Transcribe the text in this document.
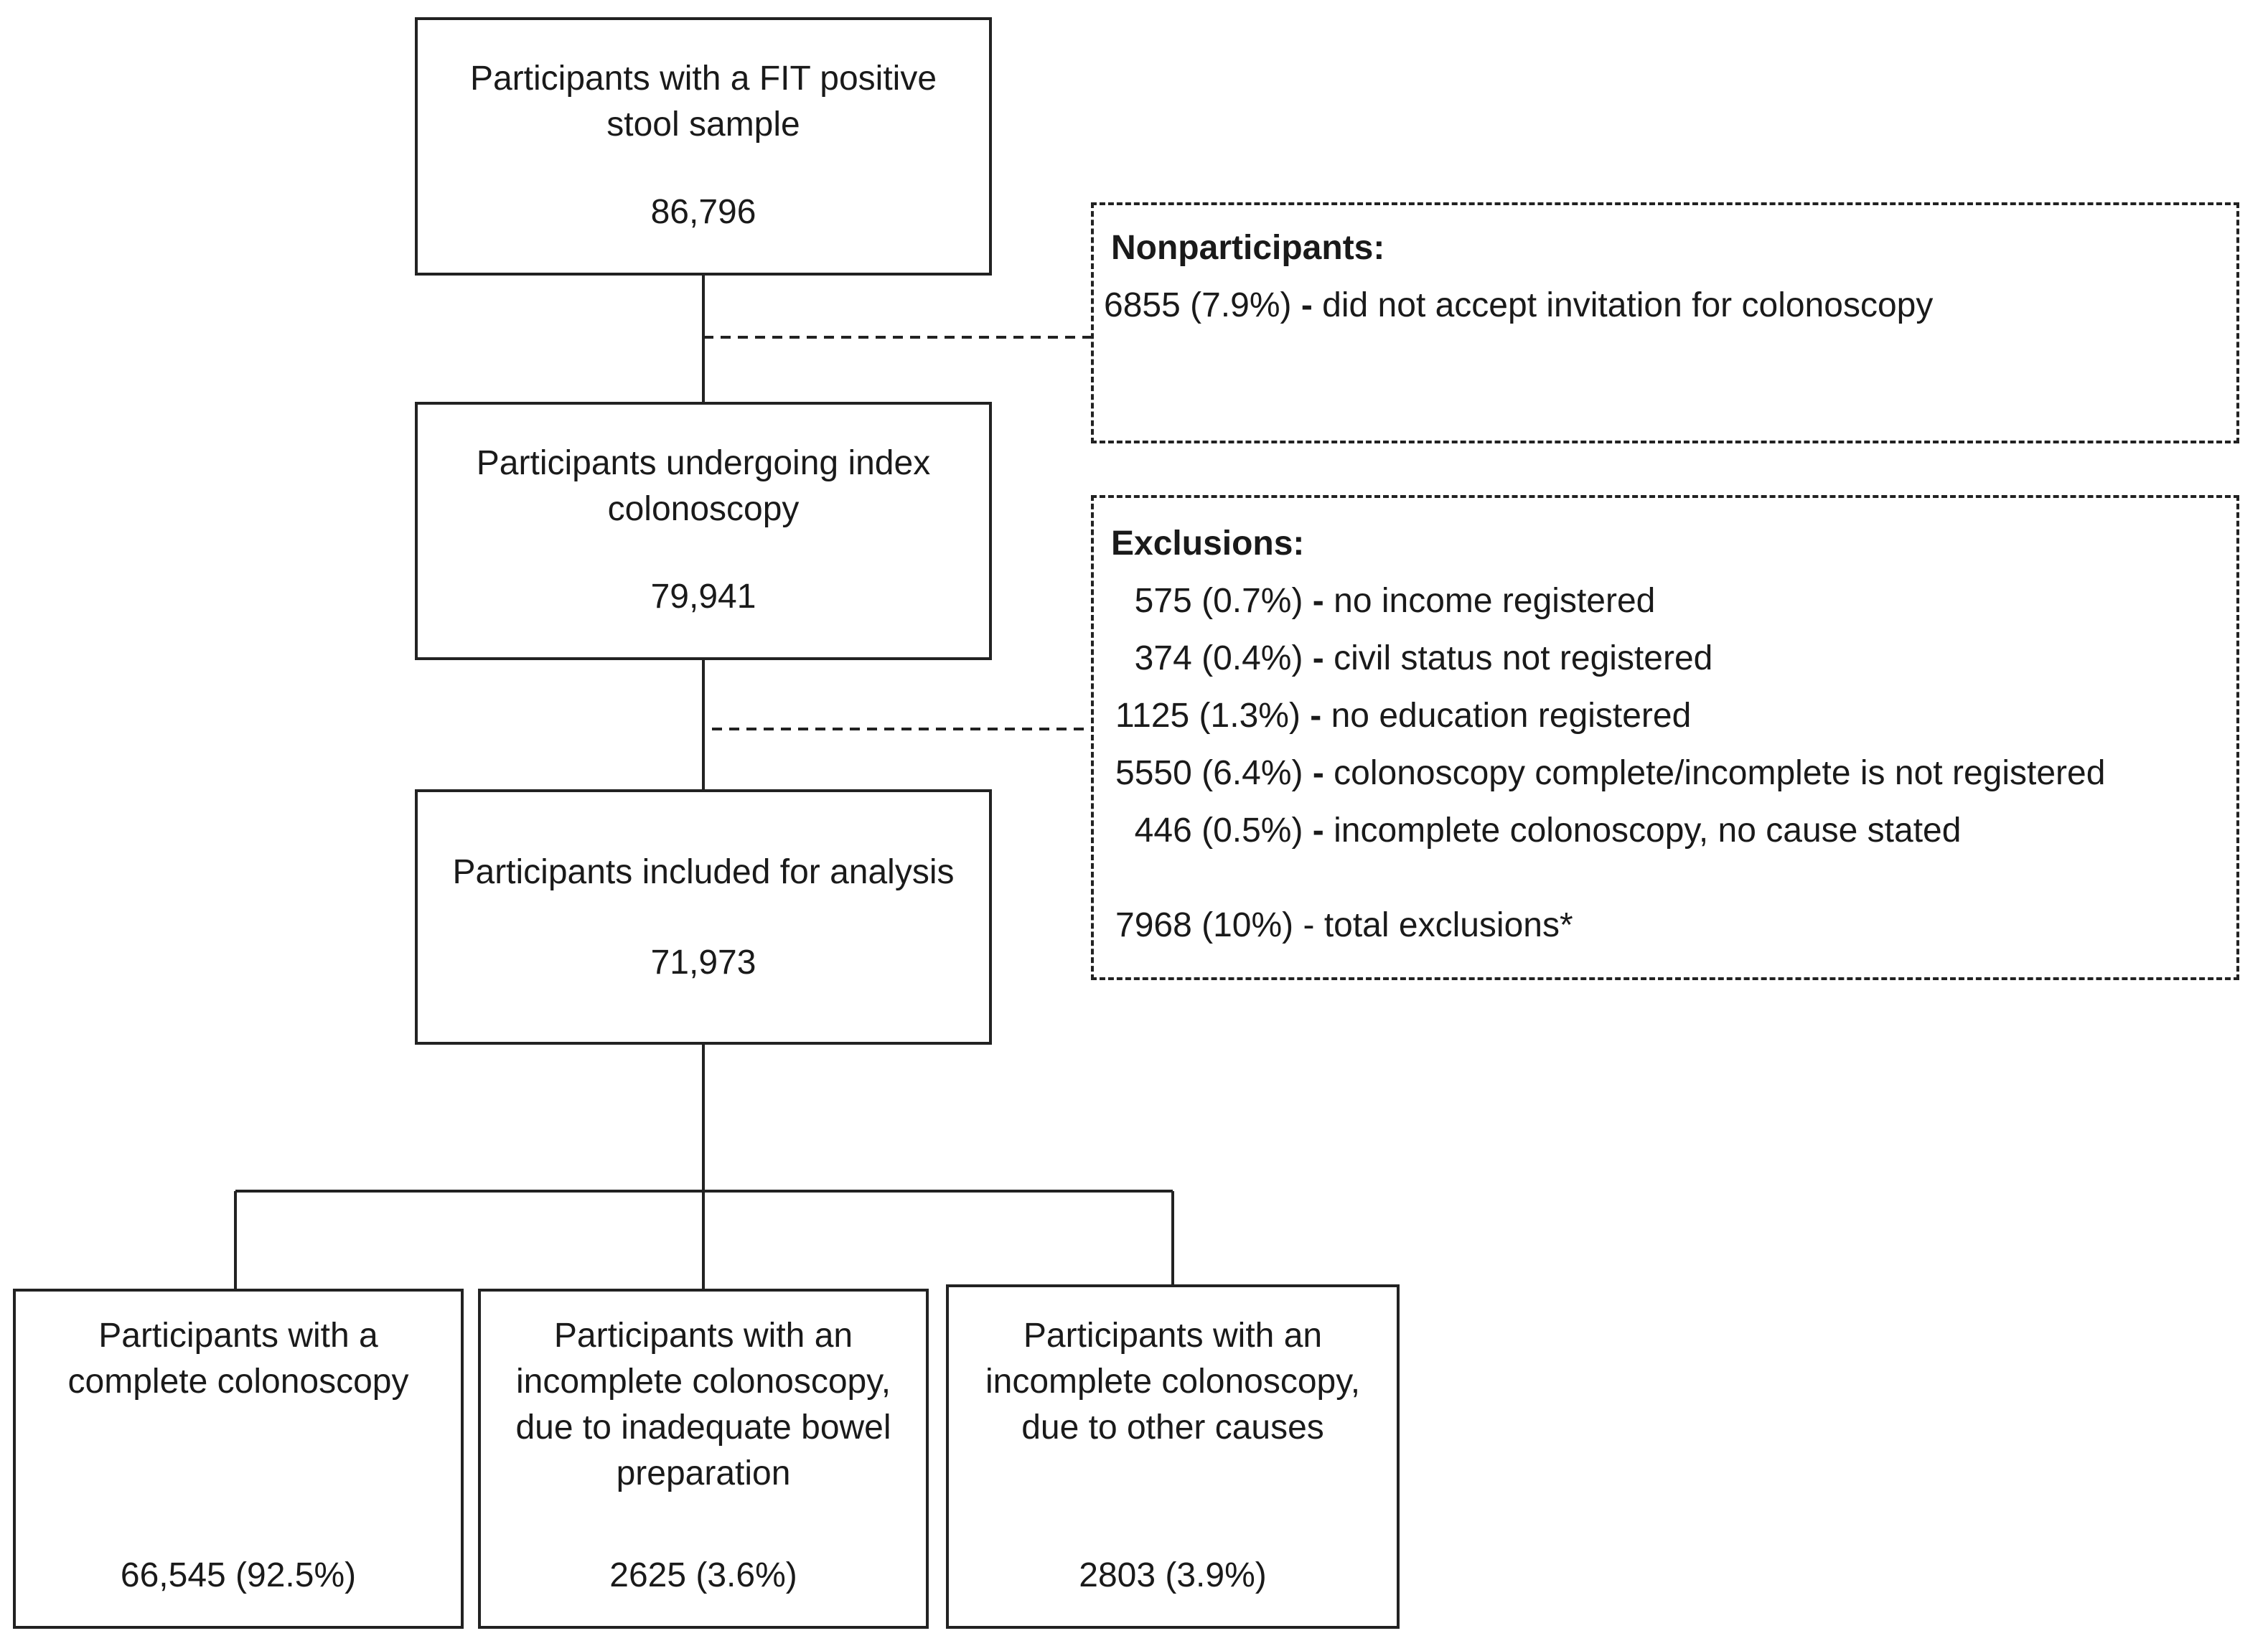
Participants with a FIT positive stool sample
86,796
Participants undergoing index colonoscopy
79,941
Participants included for analysis
71,973
Participants with a complete colonoscopy
66,545 (92.5%)
Participants with an incomplete colonoscopy, due to inadequate bowel preparation
2625 (3.6%)
Participants with an incomplete colonoscopy, due to other causes
2803 (3.9%)
Nonparticipants:
6855 (7.9%) - did not accept invitation for colonoscopy
Exclusions:
575 (0.7%) - no income registered
374 (0.4%) - civil status not registered
1125 (1.3%) - no education registered
5550 (6.4%) - colonoscopy complete/incomplete is not registered
446 (0.5%) - incomplete colonoscopy, no cause stated
7968 (10%) - total exclusions*
